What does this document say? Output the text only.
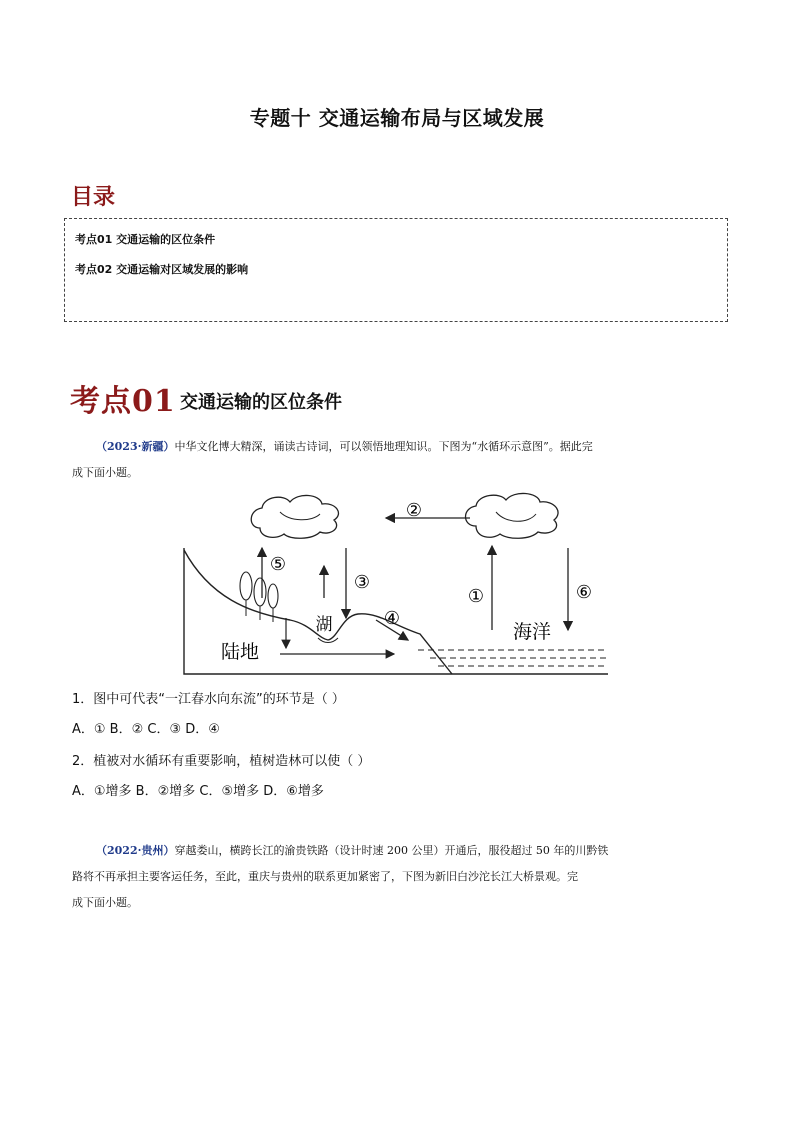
专题十 交通运输布局与区域发展
目录
考点01 交通运输的区位条件
考点02 交通运输对区域发展的影响
考点01 交通运输的区位条件
（2023·新疆）中华文化博大精深，诵读古诗词，可以领悟地理知识。下图为“水循环示意图”。据此完
成下面小题。
②
⑤
③
④
①	⑥
湖
陆地
海洋
1．图中可代表“一江春水向东流”的环节是（ ）
A．① B．② C．③ D．④
2．植被对水循环有重要影响，植树造林可以使（ ）
A．①增多 B．②增多 C．⑤增多 D．⑥增多
（2022·贵州）穿越娄山，横跨长江的渝贵铁路（设计时速 200 公里）开通后，服役超过 50 年的川黔铁
路将不再承担主要客运任务，至此，重庆与贵州的联系更加紧密了，下图为新旧白沙沱长江大桥景观。完
成下面小题。
